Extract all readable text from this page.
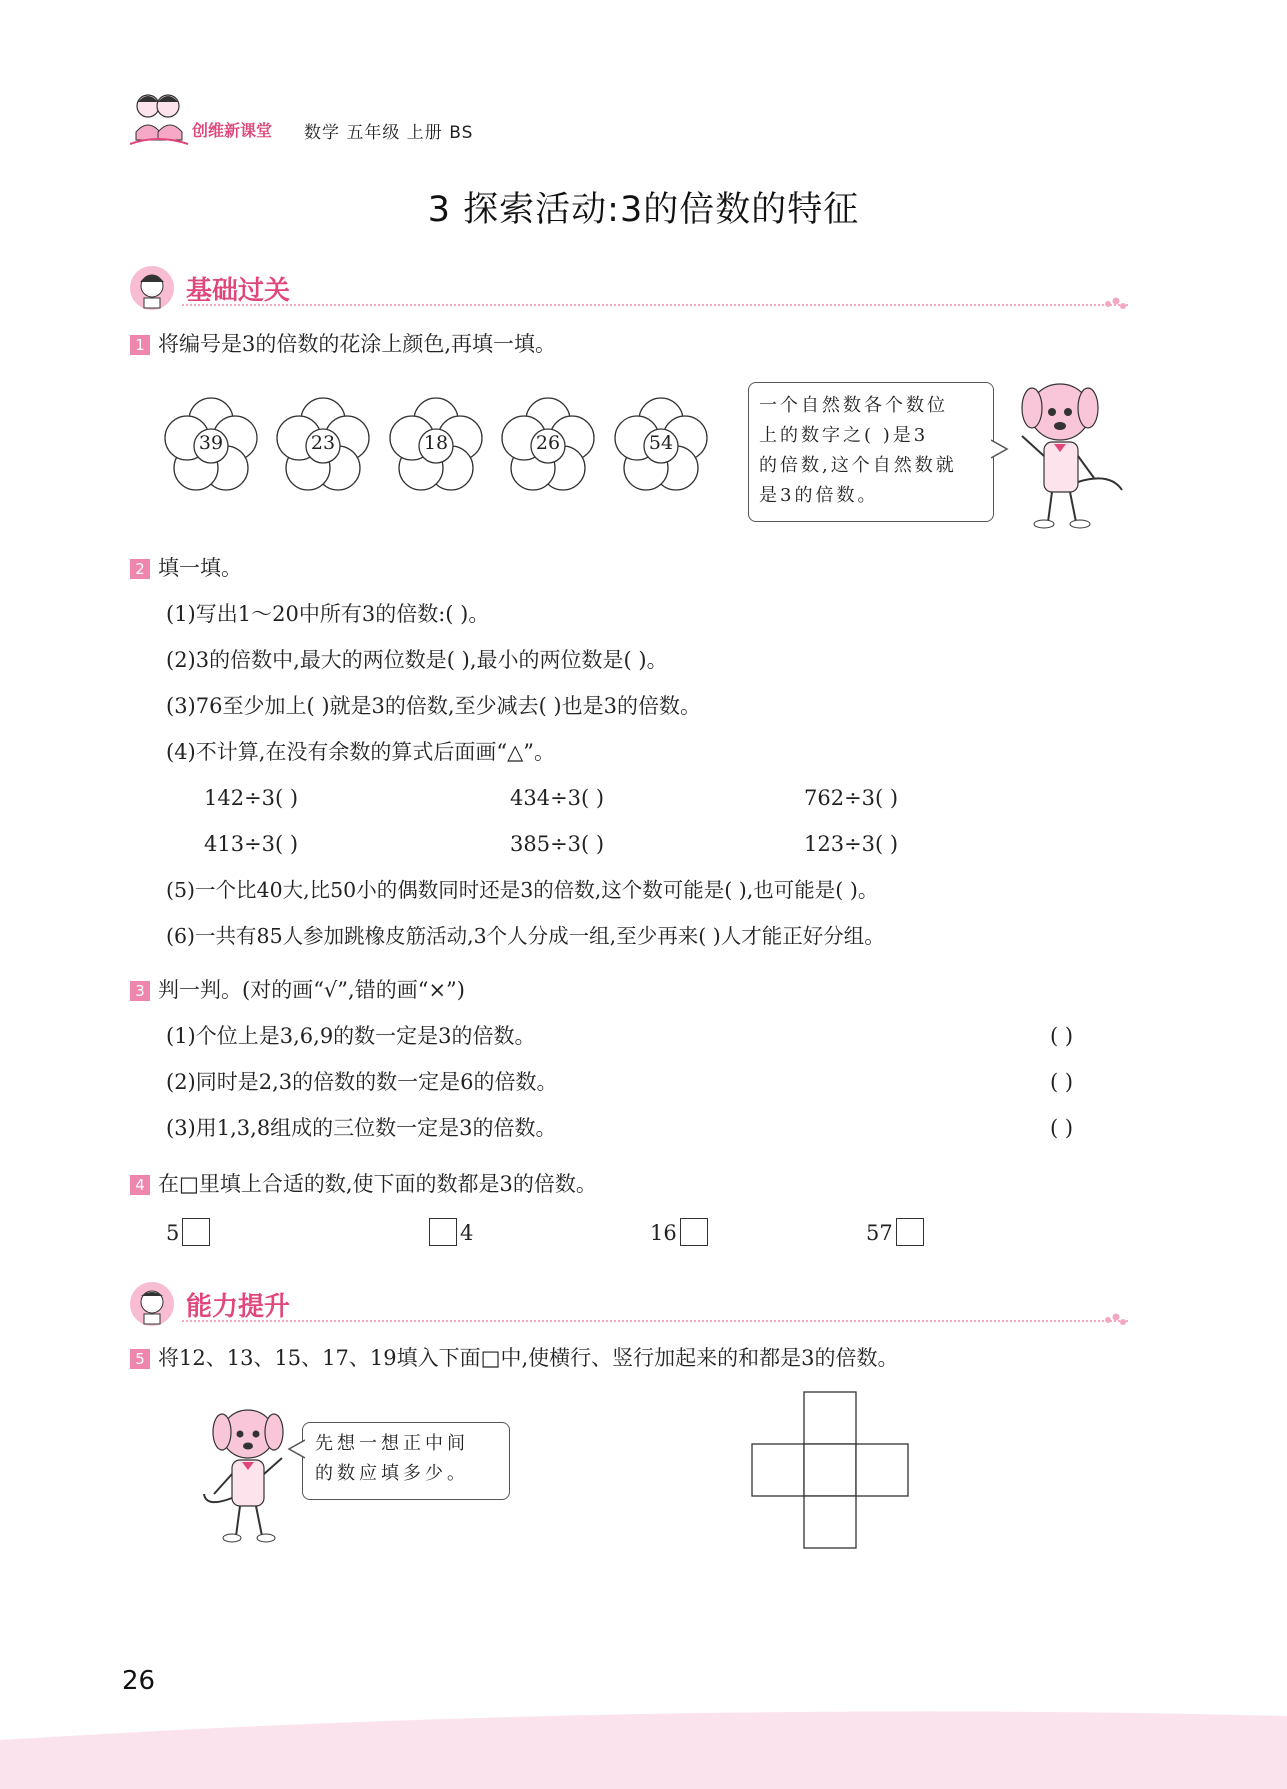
创维新课堂 数学 五年级 上册 BS
3 探索活动:3的倍数的特征
基础过关
1 将编号是3的倍数的花涂上颜色,再填一填。
39	23	18	26	54
一个自然数各个数位
上的数字之( )是3
的倍数,这个自然数就
是3的倍数。
2 填一填。
(1)写出1～20中所有3的倍数:( )。
(2)3的倍数中,最大的两位数是( ),最小的两位数是( )。
(3)76至少加上( )就是3的倍数,至少减去( )也是3的倍数。
(4)不计算,在没有余数的算式后面画“△”。
142÷3( )	434÷3( )	762÷3( )
413÷3( )	385÷3( )	123÷3( )
(5)一个比40大,比50小的偶数同时还是3的倍数,这个数可能是( ),也可能是( )。
(6)一共有85人参加跳橡皮筋活动,3个人分成一组,至少再来( )人才能正好分组。
3 判一判。(对的画“√”,错的画“×”)
(1)个位上是3,6,9的数一定是3的倍数。	( )
(2)同时是2,3的倍数的数一定是6的倍数。	( )
(3)用1,3,8组成的三位数一定是3的倍数。	( )
4 在□里填上合适的数,使下面的数都是3的倍数。
5	4	16	57
能力提升
5 将12、13、15、17、19填入下面□中,使横行、竖行加起来的和都是3的倍数。
先想一想正中间
的数应填多少。
26
